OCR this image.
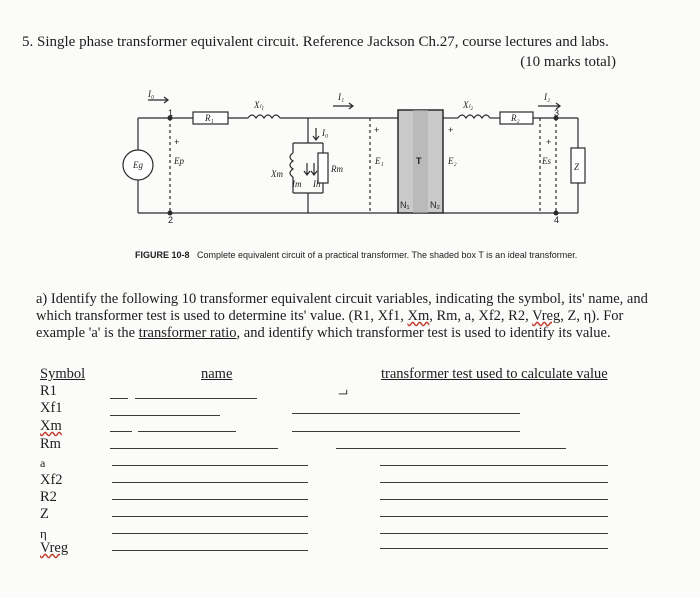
5. Single phase transformer equivalent circuit. Reference Jackson Ch.27, course lectures and labs.
(10 marks total)
I₀	I₁	I₂
I₀
R₁	R₂
Xₗ₁	Xₗ₂
Xm	Rm
Im Ih
Eg	Ep	E₁	E₂	Es
Z
T
N₁ N₂
1
2
3
4
+
+	+
+
FIGURE 10-8 Complete equivalent circuit of a practical transformer. The shaded box T is an ideal transformer.
a) Identify the following 10 transformer equivalent circuit variables, indicating the symbol, its' name, and
which transformer test is used to determine its' value. (R1, Xf1, Xm, Rm, a, Xf2, R2, Vreg, Z, η). For
example 'a' is the transformer ratio, and identify which transformer test is used to identify its value.
Symbol	name	transformer test used to calculate value
R1
Xf1
Xm
Rm
a
Xf2
R2
Z
η
Vreg
⌐
